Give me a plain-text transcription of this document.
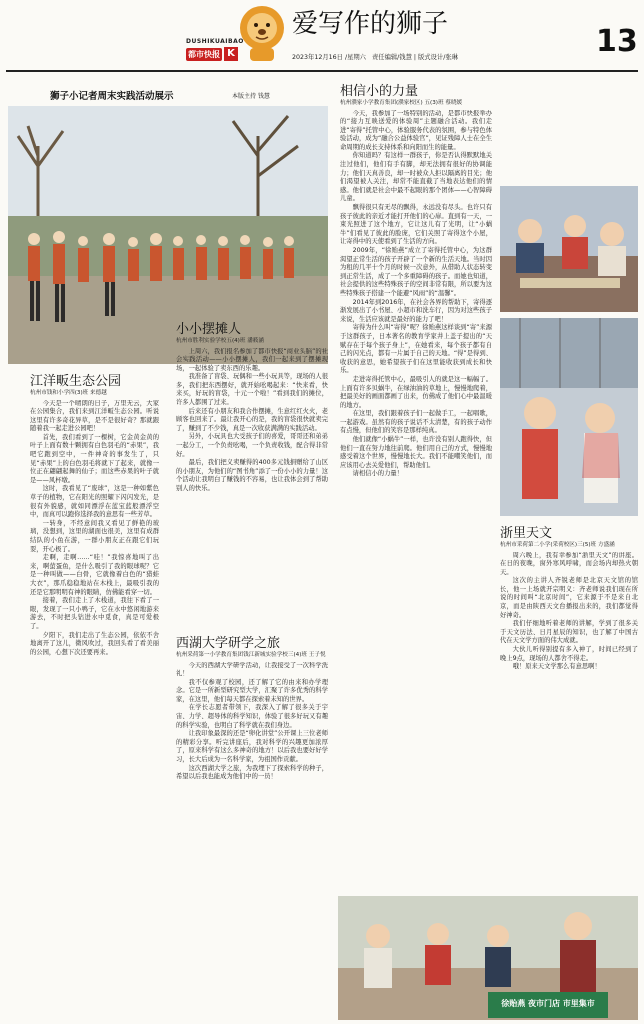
DUSHIKUAIBAO
都市快报 K
爱写作的狮子
2023年12月16日 /星期六 责任编辑/钱慧 | 版式设计/张琳	13
狮子小记者周末实践活动展示	本版主持 钱慧
江洋畈生态公园
杭州市钱和小学四(3)班 来德越

今天是一个晴朗的日子，万里无云，大家在公园集合，我们来到江洋畈生态公园。听说这里有许多奇花异草，是不是很好奇？那就跟随着我一起走进公园吧！

首先，我们看到了一棵树，它金黄金黄的叶子上面有数十颗拥有白色羽毛的“赤果”，我吧它跑到空中，一件神奇的事发生了，只见“赤果”上的白色羽毛将就下了起来，就像一位正在翩翩起舞的仙子；而这些赤果的叶子就是——风杯墩。

这时，我看见了“废球”，这是一种如紫色草子的植物，它在阳光的照耀下闪闪发光，是很有外貌感，就如同漂浮在蓝宝蓝般漂浮空中，而真可以跑你选择我的意思有一些芳草。

一转身，不经意间我又看见了鲜艳的玻璃，没想到，这里的湖面也很美，这里有成群结队的小鱼在游，一群小朋友正在跟它们玩耍，开心极了。

走啊，走啊……“哇！”我惊喜地叫了出来，啊萤蛋鱼，是什么吸引了我的眼球呢？它是一种叫做——白骨，它就像着白色的“猎蛙大衣”，那爪稳稳地站在木栈上，最吸引我的还是它那明明有神的眼睛，仿佛能看穿一切。

接着，我们走上了木栈道，我往下看了一眼，发现了一只小鸭子，它在水中悠闲地游来游去，不时把头钻进水中觅食，真是可爱极了。

夕阳下，我们走出了生态公园，依依不舍地离开了这儿，微风吹过，我回头看了看美丽的公园，心想下次还要再来。

小小摆摊人
杭州市胜利实验学校五(4)班 潘筱涵

上周六，我们报名参加了都市快报“商业头脑”的社会实践活动——小小摆摊人，我们一起来到了摆摊现场，一起体验了卖东西的乐趣。

我准备了盲袋、玩偶和一些小玩具等，现场的人很多，我们把东西摆好，就开始吆喝起来：“快来看，快来买，好玩的盲袋，十元一个啦！”看到我们的摊位，许多人都围了过来。

后来还有小朋友和我合作摆摊，生意红红火火，老顾客也回来了。最让我开心的是，我的盲袋很快就卖完了，赚到了不少钱，真是一次收获满满的实践活动。

另外，小玩具也大受孩子们的喜爱，哥哥还和弟弟一起分工，一个负责吆喝，一个负责收钱，配合得非常好。

最后，我们把义卖赚得的400多元钱捐赠给了山区的小朋友，为他们的“图书角”添了一份小小的力量！这个活动让我明白了赚钱的不容易，也让我体会到了帮助别人的快乐。

西湖大学研学之旅
杭州采荷第一小学教育集团钱江新城实验学校三(4)班 王子悦

今天的西湖大学研学活动，让我接受了一次科学洗礼！

我不仅参观了校园，还了解了它的由来和办学理念。它是一所新型研究型大学，汇聚了许多优秀的科学家，在这里，他们每天都在探索着未知的世界。

在学长志愿者带领下，我深入了解了很多关于宇宙、力学、超导体的科学知识，体验了很多好玩又有趣的科学实验，也明白了科学就在我们身边。

让我印象最深的还是“卵化讲堂”公开课上三位老师的精彩分享。听完讲座后，我对科学的兴趣更加浓厚了，原来科学有这么多神奇的地方！以后我也要好好学习，长大后成为一名科学家，为祖国作贡献。

这次西湖大学之旅，为我埋下了探索科学的种子，希望以后我也能成为他们中的一员！

相信小的力量
杭州濮家小学教育集团(濮家校区) 五(3)班 蔡晓媛

今天，我参加了一场特别的活动，是都市快报举办的“接力互映送爱的体验周”主题融合活动。我们走进“寄得”托管中心，体验服务代表的氛围，参与特色体验活动，成为“融合公益体验官”，见证残障人士在全生命周期的成长支持体系和向阳而生的能量。

你知道吗？有这样一群孩子，你是否认得默默地关注过他们，他们有手有脚，却无法拥有很好的协调能力；他们天真善良，却一时被众人拒以隔离的目光；他们渴望被人关注，却常不能直截了当地表达他们的情感。他们就是社会中最不起眼的那个团体——心智障碍儿童。

飘得很只有无尽的飘得，永远没有尽头。也许只有孩子彼此的亲近才能打开他们的心扉。直到有一天，一束光照进了这个地方，它让这儿有了光明，让“小蜗牛”们看见了彼此的脸庞，它们关照了寄得这个小屋，让寄得中的天使看到了生活的方向。

2009年，“徐贻燕”成立了寄得托管中心，为这群渴望正常生活的孩子开辟了一个新的生活天地。当时因为租的几平十个月的时候一次意外，从借助人状态转变到正常生活，成了一个多重障碍的孩子。而她也知道，社会提供的这些特殊孩子的空间非常有限，所以要为这些特殊孩子搭建一个能避“风雨”的“温馨”。

2014年到2016年，在社会各界的帮助下，寄得逐渐发展出了小书屋、小超市和洗车行，因为对这些孩子来说，生活应该就是最好的能力了吧！

寄得为什么叫“寄得”呢？徐贻燕这样谈到“寄”来源于这群孩子，日本著名的教育学家井上盖子提出的“天赋存在于每个孩子身上”，在她看来，每个孩子都有自己的闪光点，都有一片属于自己的天地。“得”是得到、收获的意思，她希望孩子们在这里能收获到成长和快乐。

走进寄得托管中心，最吸引人的就是这一幅幅了。上面有许多贝蜗牛，在绿油油的草地上，慢慢地爬着，把最美好的画面都画了出来，仿佛成了他们心中最温暖的地方。

在这里，我们跟着孩子们一起做手工，一起唱歌，一起游戏。虽然有的孩子说话不太清楚，有的孩子动作有点慢，但他们的笑容是那样纯真。

他们就像“小蜗牛”一样，也许没有别人跑得快，但他们一直在努力地往前爬。他们用自己的方式，慢慢地感受着这个世界，慢慢地长大。我们不能嘲笑他们，而应该用心去关爱他们，帮助他们。

请相信小的力量！

浙里天文
杭州市采荷第二小学(采荷校区)三(5)班 方盛涵

周六晚上，我有幸参加“浙里天文”的讲座。在日的夜晚，窗外寒风呼啸，而会场内却热火朝天。

这次的主讲人齐锐老师是北京天文馆的馆长，他一上场就开宗明义：齐老师说我们现在所说的时间叫“北京时间”，它来源于不是来自北京，而是由陕西天文台播报出来的，我们都觉得好神奇。

我们仔细地听着老师的讲解，学到了很多关于天文历法、日月星辰的知识，也了解了中国古代在天文学方面的伟大成就。

大伙儿听得别提有多入神了，时间已经到了晚上9点，现场的人都舍不得走。

哦！原来天文学那么有意思啊！

徐贻燕 夜市门店 市里集市
